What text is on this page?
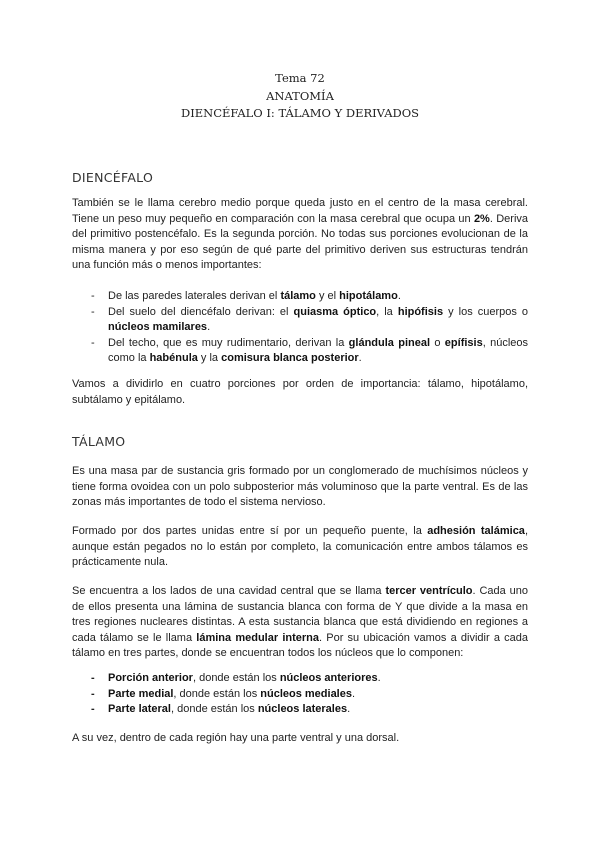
Tema 72
ANATOMÍA
DIENCÉFALO I: TÁLAMO Y DERIVADOS
DIENCÉFALO

También se le llama cerebro medio porque queda justo en el centro de la masa cerebral. Tiene un peso muy pequeño en comparación con la masa cerebral que ocupa un 2%. Deriva del primitivo postencéfalo. Es la segunda porción. No todas sus porciones evolucionan de la misma manera y por eso según de qué parte del primitivo deriven sus estructuras tendrán una función más o menos importantes:

- De las paredes laterales derivan el tálamo y el hipotálamo.
- Del suelo del diencéfalo derivan: el quiasma óptico, la hipófisis y los cuerpos o núcleos mamilares.
- Del techo, que es muy rudimentario, derivan la glándula pineal o epífisis, núcleos como la habénula y la comisura blanca posterior.

Vamos a dividirlo en cuatro porciones por orden de importancia: tálamo, hipotálamo, subtálamo y epitálamo.

TÁLAMO

Es una masa par de sustancia gris formado por un conglomerado de muchísimos núcleos y tiene forma ovoidea con un polo subposterior más voluminoso que la parte ventral. Es de las zonas más importantes de todo el sistema nervioso.

Formado por dos partes unidas entre sí por un pequeño puente, la adhesión talámica, aunque están pegados no lo están por completo, la comunicación entre ambos tálamos es prácticamente nula.

Se encuentra a los lados de una cavidad central que se llama tercer ventrículo. Cada uno de ellos presenta una lámina de sustancia blanca con forma de Y que divide a la masa en tres regiones nucleares distintas. A esta sustancia blanca que está dividiendo en regiones a cada tálamo se le llama lámina medular interna. Por su ubicación vamos a dividir a cada tálamo en tres partes, donde se encuentran todos los núcleos que lo componen:

- Porción anterior, donde están los núcleos anteriores.
- Parte medial, donde están los núcleos mediales.
- Parte lateral, donde están los núcleos laterales.

A su vez, dentro de cada región hay una parte ventral y una dorsal.
